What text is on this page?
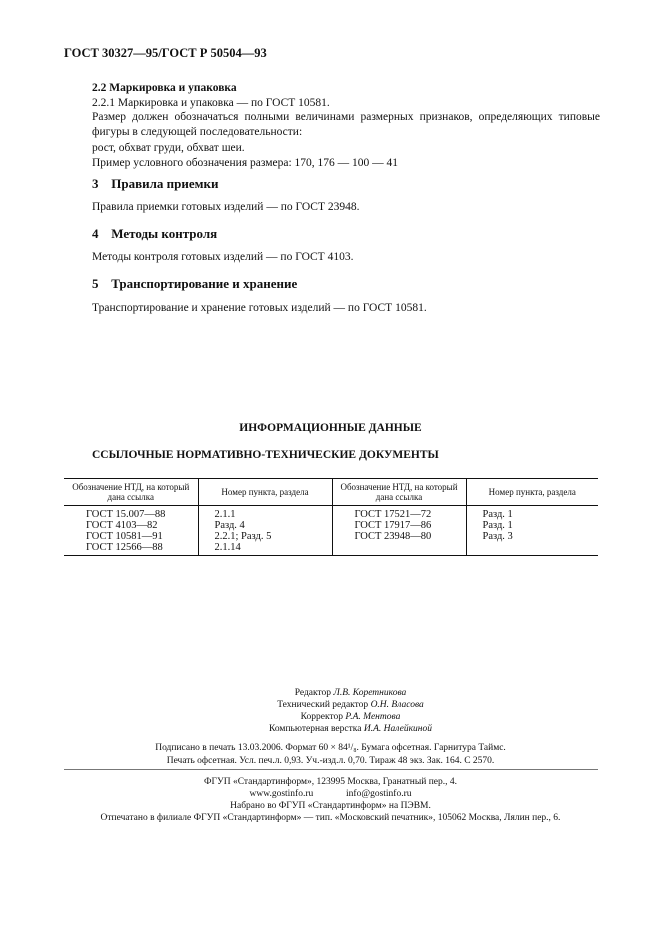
ГОСТ 30327—95/ГОСТ Р 50504—93
2.2 Маркировка и упаковка
2.2.1 Маркировка и упаковка — по ГОСТ 10581.
Размер должен обозначаться полными величинами размерных признаков, определяющих типовые фигуры в следующей последовательности:
рост, обхват груди, обхват шеи.
Пример условного обозначения размера: 170, 176 — 100 — 41
3 Правила приемки
Правила приемки готовых изделий — по ГОСТ 23948.
4 Методы контроля
Методы контроля готовых изделий — по ГОСТ 4103.
5 Транспортирование и хранение
Транспортирование и хранение готовых изделий — по ГОСТ 10581.
ИНФОРМАЦИОННЫЕ ДАННЫЕ
ССЫЛОЧНЫЕ НОРМАТИВНО-ТЕХНИЧЕСКИЕ ДОКУМЕНТЫ
Обозначение НТД, на который дана ссылка	Номер пункта, раздела	Обозначение НТД, на который дана ссылка	Номер пункта, раздела
ГОСТ 15.007—88	2.1.1	ГОСТ 17521—72	Разд. 1
ГОСТ 4103—82	Разд. 4	ГОСТ 17917—86	Разд. 1
ГОСТ 10581—91	2.2.1; Разд. 5	ГОСТ 23948—80	Разд. 3
ГОСТ 12566—88	2.1.14		
Редактор Л.В. Коретникова
Технический редактор О.Н. Власова
Корректор Р.А. Ментова
Компьютерная верстка И.А. Налейкиной
Подписано в печать 13.03.2006. Формат 60 × 84¹/₈. Бумага офсетная. Гарнитура Таймс.
Печать офсетная. Усл. печ.л. 0,93. Уч.-изд.л. 0,70. Тираж 48 экз. Зак. 164. С 2570.
ФГУП «Стандартинформ», 123995 Москва, Гранатный пер., 4.
www.gostinfo.ru	info@gostinfo.ru
Набрано во ФГУП «Стандартинформ» на ПЭВМ.
Отпечатано в филиале ФГУП «Стандартинформ» — тип. «Московский печатник», 105062 Москва, Лялин пер., 6.
